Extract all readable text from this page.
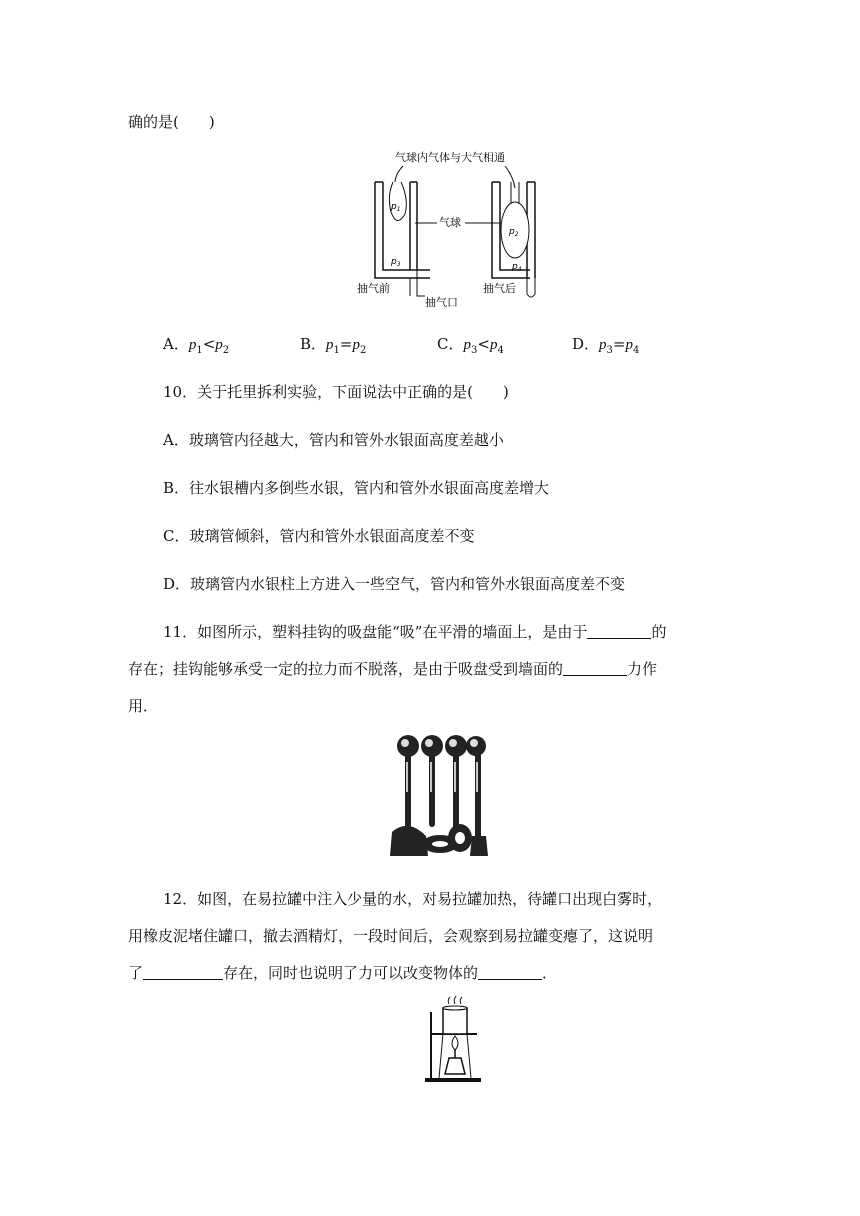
确的是(　　)
气球内气体与大气相通
$p_1$
$p_3$
$p_2$
$p_4$
气球
抽气前
抽气口
抽气后
A．$p_1<p_2$	B．$p_1=p_2$	C．$p_3<p_4$	D．$p_3=p_4$
10．关于托里拆利实验，下面说法中正确的是(　　)
A．玻璃管内径越大，管内和管外水银面高度差越小
B．往水银槽内多倒些水银，管内和管外水银面高度差增大
C．玻璃管倾斜，管内和管外水银面高度差不变
D．玻璃管内水银柱上方进入一些空气，管内和管外水银面高度差不变
11．如图所示，塑料挂钩的吸盘能“吸”在平滑的墙面上，是由于	的
存在；挂钩能够承受一定的拉力而不脱落，是由于吸盘受到墙面的	力作
用．
12．如图，在易拉罐中注入少量的水，对易拉罐加热，待罐口出现白雾时，
用橡皮泥堵住罐口，撤去酒精灯，一段时间后，会观察到易拉罐变瘪了，这说明
了	存在，同时也说明了力可以改变物体的	．
